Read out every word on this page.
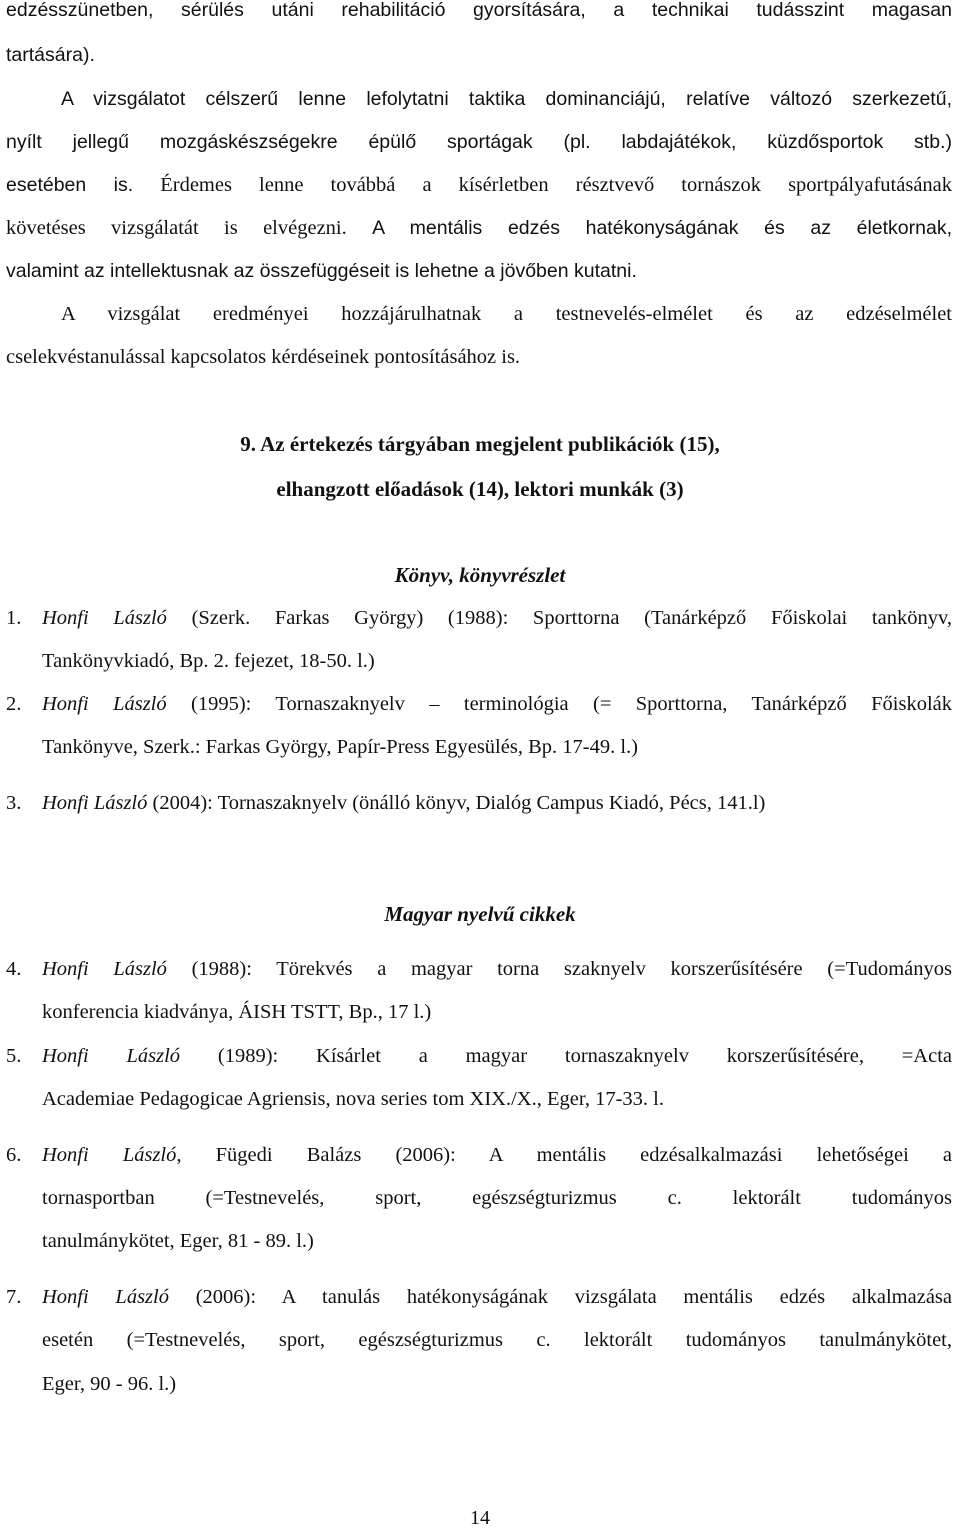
edzésszünetben, sérülés utáni rehabilitáció gyorsítására, a technikai tudásszint magasan
tartására).
A vizsgálatot célszerű lenne lefolytatni taktika dominanciájú, relatíve változó szerkezetű,
nyílt jellegű mozgáskészségekre épülő sportágak (pl. labdajátékok, küzdősportok stb.)
esetében is. Érdemes lenne továbbá a kísérletben résztvevő tornászok sportpályafutásának
követéses vizsgálatát is elvégezni. A mentális edzés hatékonyságának és az életkornak,
valamint az intellektusnak az összefüggéseit is lehetne a jövőben kutatni.
A vizsgálat eredményei hozzájárulhatnak a testnevelés-elmélet és az edzéselmélet
cselekvéstanulással kapcsolatos kérdéseinek pontosításához is.
9. Az értekezés tárgyában megjelent publikációk (15),
elhangzott előadások (14), lektori munkák (3)
Könyv, könyvrészlet
1.	Honfi László (Szerk. Farkas György) (1988): Sporttorna (Tanárképző Főiskolai tankönyv,
Tankönyvkiadó, Bp. 2. fejezet, 18-50. l.)
2.	Honfi László (1995): Tornaszaknyelv – terminológia (= Sporttorna, Tanárképző Főiskolák
Tankönyve, Szerk.: Farkas György, Papír-Press Egyesülés, Bp. 17-49. l.)
3.	Honfi László (2004): Tornaszaknyelv (önálló könyv, Dialóg Campus Kiadó, Pécs, 141.l)
Magyar nyelvű cikkek
4.	Honfi László (1988): Törekvés a magyar torna szaknyelv korszerűsítésére (=Tudományos
konferencia kiadványa, ÁISH TSTT, Bp., 17 l.)
5.	Honfi László (1989): Kísárlet a magyar tornaszaknyelv korszerűsítésére, =Acta
Academiae Pedagogicae Agriensis, nova series tom XIX./X., Eger, 17-33. l.
6.	Honfi László, Fügedi Balázs (2006): A mentális edzésalkalmazási lehetőségei a
tornasportban (=Testnevelés, sport, egészségturizmus c. lektorált tudományos
tanulmánykötet, Eger, 81 - 89. l.)
7.	Honfi László (2006): A tanulás hatékonyságának vizsgálata mentális edzés alkalmazása
esetén (=Testnevelés, sport, egészségturizmus c. lektorált tudományos tanulmánykötet,
Eger, 90 - 96. l.)
14
